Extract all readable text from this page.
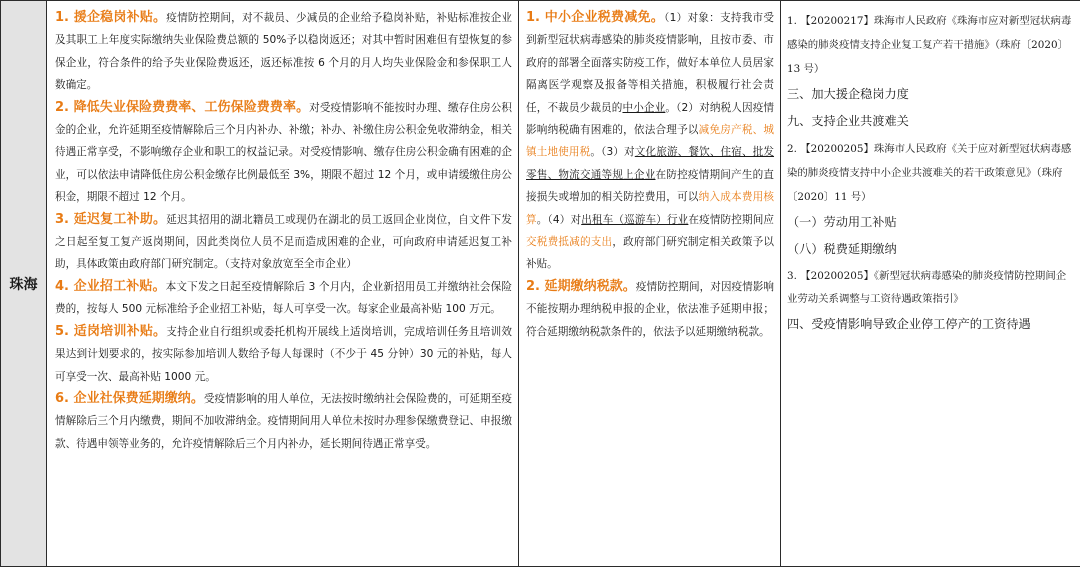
珠海	
1. 援企稳岗补贴。疫情防控期间，对不裁员、少减员的企业给予稳岗补贴，补贴标准按企业及其职工上年度实际缴纳失业保险费总额的 50%予以稳岗返还；对其中暂时困难但有望恢复的参保企业，符合条件的给予失业保险费返还，返还标准按 6 个月的月人均失业保险金和参保职工人数确定。
2. 降低失业保险费费率、工伤保险费费率。对受疫情影响不能按时办理、缴存住房公积金的企业，允许延期至疫情解除后三个月内补办、补缴；补办、补缴住房公积金免收滞纳金，相关待遇正常享受，不影响缴存企业和职工的权益记录。对受疫情影响、缴存住房公积金确有困难的企业，可以依法申请降低住房公积金缴存比例最低至 3%，期限不超过 12 个月，或申请缓缴住房公积金，期限不超过 12 个月。
3. 延迟复工补助。延迟其招用的湖北籍员工或现仍在湖北的员工返回企业岗位，自文件下发之日起至复工复产返岗期间，因此类岗位人员不足而造成困难的企业，可向政府申请延迟复工补助，具体政策由政府部门研究制定。（支持对象放宽至全市企业）
4. 企业招工补贴。本文下发之日起至疫情解除后 3 个月内，企业新招用员工并缴纳社会保险费的，按每人 500 元标准给予企业招工补贴，每人可享受一次。每家企业最高补贴 100 万元。
5. 适岗培训补贴。支持企业自行组织或委托机构开展线上适岗培训，完成培训任务且培训效果达到计划要求的，按实际参加培训人数给予每人每课时（不少于 45 分钟）30 元的补贴，每人可享受一次、最高补贴 1000 元。
6. 企业社保费延期缴纳。受疫情影响的用人单位，无法按时缴纳社会保险费的，可延期至疫情解除后三个月内缴费，期间不加收滞纳金。疫情期间用人单位未按时办理参保缴费登记、申报缴款、待遇申领等业务的，允许疫情解除后三个月内补办，延长期间待遇正常享受。

1. 中小企业税费减免。（1）对象：支持我市受到新型冠状病毒感染的肺炎疫情影响，且按市委、市政府的部署全面落实防疫工作，做好本单位人员居家隔离医学观察及报备等相关措施，积极履行社会责任，不裁员少裁员的中小企业。（2）对纳税人因疫情影响纳税确有困难的，依法合理予以减免房产税、城镇土地使用税。（3）对文化旅游、餐饮、住宿、批发零售、物流交通等规上企业在防控疫情期间产生的直接损失或增加的相关防控费用，可以纳入成本费用核算。（4）对出租车（巡游车）行业在疫情防控期间应交税费抵减的支出，政府部门研究制定相关政策予以补贴。
2. 延期缴纳税款。疫情防控期间，对因疫情影响不能按期办理纳税申报的企业，依法准予延期申报；符合延期缴纳税款条件的，依法予以延期缴纳税款。

1. 【20200217】珠海市人民政府《珠海市应对新型冠状病毒感染的肺炎疫情支持企业复工复产若干措施》（珠府〔2020〕13 号）
三、加大援企稳岗力度
九、支持企业共渡难关
2. 【20200205】珠海市人民政府《关于应对新型冠状病毒感染的肺炎疫情支持中小企业共渡难关的若干政策意见》（珠府〔2020〕11 号）
（一）劳动用工补贴
（八）税费延期缴纳
3. 【20200205】《新型冠状病毒感染的肺炎疫情防控期间企业劳动关系调整与工资待遇政策指引》
四、受疫情影响导致企业停工停产的工资待遇
